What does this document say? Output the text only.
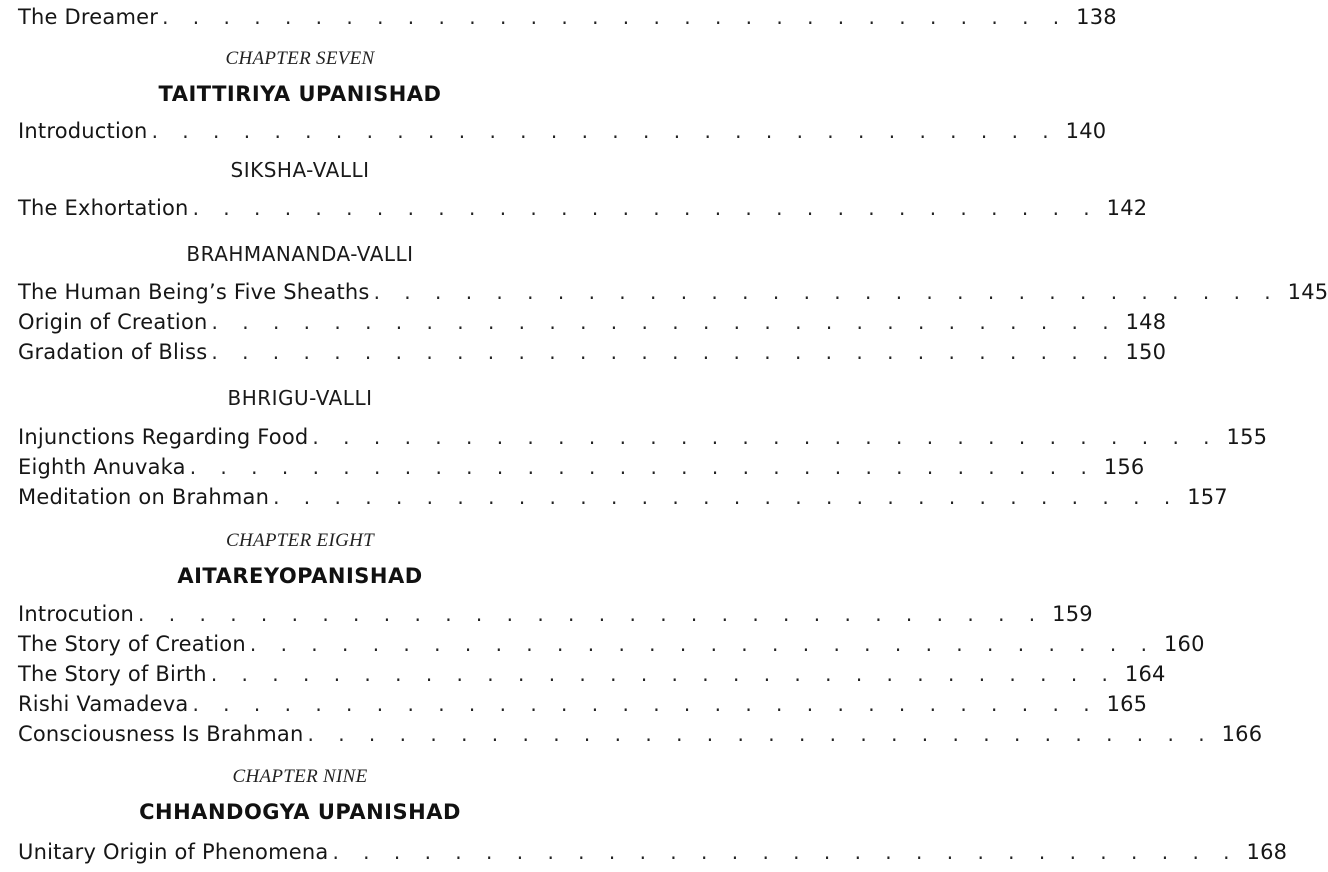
The Dreamer . . . . . . . . . . . . . . . . . . . . . . . . . . . . . . 138
CHAPTER SEVEN
TAITTIRIYA UPANISHAD
Introduction . . . . . . . . . . . . . . . . . . . . . . . . . . . . . . 140
SIKSHA-VALLI
The Exhortation . . . . . . . . . . . . . . . . . . . . . . . . . . . . . . 142
BRAHMANANDA-VALLI
The Human Being’s Five Sheaths . . . . . . . . . . . . . . . . . . . . . . . . . . . . . . 145
Origin of Creation . . . . . . . . . . . . . . . . . . . . . . . . . . . . . . 148
Gradation of Bliss . . . . . . . . . . . . . . . . . . . . . . . . . . . . . . 150
BHRIGU-VALLI
Injunctions Regarding Food . . . . . . . . . . . . . . . . . . . . . . . . . . . . . . 155
Eighth Anuvaka . . . . . . . . . . . . . . . . . . . . . . . . . . . . . . 156
Meditation on Brahman . . . . . . . . . . . . . . . . . . . . . . . . . . . . . . 157
CHAPTER EIGHT
AITAREYOPANISHAD
Introcution . . . . . . . . . . . . . . . . . . . . . . . . . . . . . . 159
The Story of Creation . . . . . . . . . . . . . . . . . . . . . . . . . . . . . . 160
The Story of Birth . . . . . . . . . . . . . . . . . . . . . . . . . . . . . . 164
Rishi Vamadeva . . . . . . . . . . . . . . . . . . . . . . . . . . . . . . 165
Consciousness Is Brahman . . . . . . . . . . . . . . . . . . . . . . . . . . . . . . 166
CHAPTER NINE
CHHANDOGYA UPANISHAD
Unitary Origin of Phenomena . . . . . . . . . . . . . . . . . . . . . . . . . . . . . . 168
